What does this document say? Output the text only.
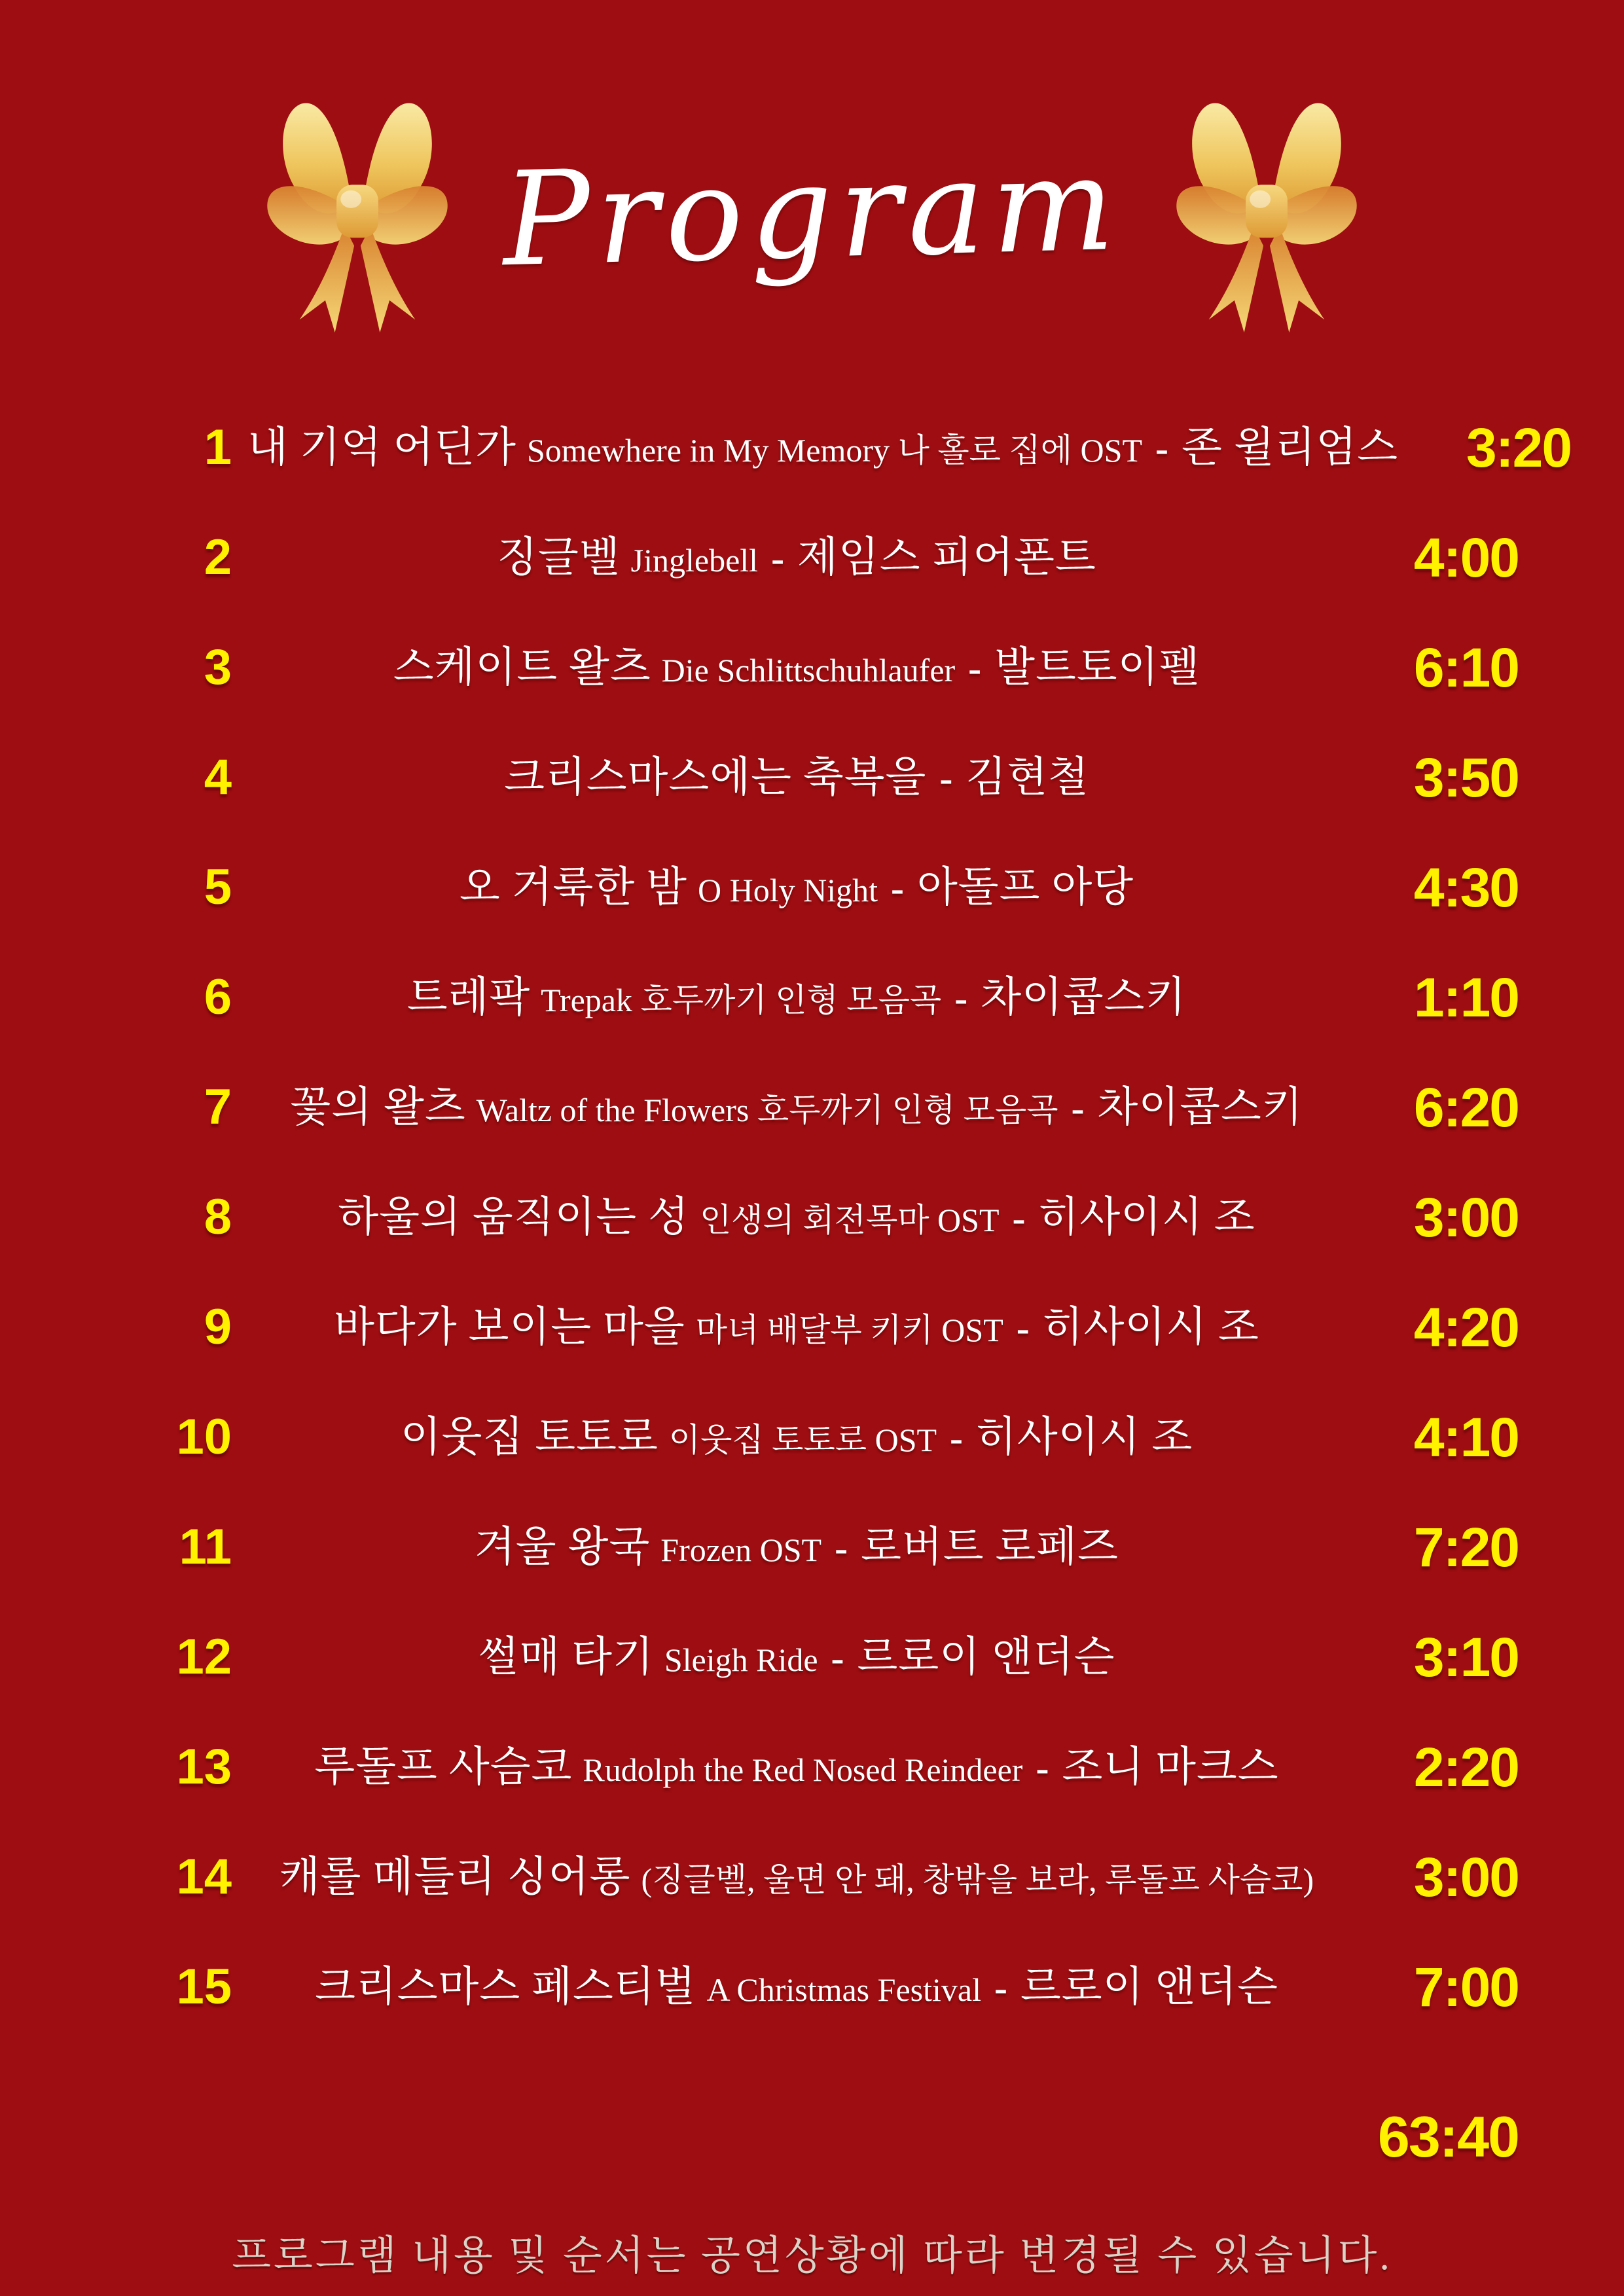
Program
1 내 기억 어딘가 Somewhere in My Memory 나 홀로 집에 OST - 존 윌리엄스	3:20
2	징글벨 Jinglebell - 제임스 피어폰트	4:00
3	스케이트 왈츠 Die Schlittschuhlaufer - 발트토이펠	6:10
4	크리스마스에는 축복을 - 김현철	3:50
5	오 거룩한 밤 O Holy Night - 아돌프 아당	4:30
6	트레팍 Trepak 호두까기 인형 모음곡 - 차이콥스키	1:10
7	꽃의 왈츠 Waltz of the Flowers 호두까기 인형 모음곡 - 차이콥스키	6:20
8	하울의 움직이는 성 인생의 회전목마 OST - 히사이시 조	3:00
9	바다가 보이는 마을 마녀 배달부 키키 OST - 히사이시 조	4:20
10	이웃집 토토로 이웃집 토토로 OST - 히사이시 조	4:10
11	겨울 왕국 Frozen OST - 로버트 로페즈	7:20
12	썰매 타기 Sleigh Ride - 르로이 앤더슨	3:10
13	루돌프 사슴코 Rudolph the Red Nosed Reindeer - 조니 마크스	2:20
14	캐롤 메들리 싱어롱 (징글벨, 울면 안 돼, 창밖을 보라, 루돌프 사슴코)	3:00
15	크리스마스 페스티벌 A Christmas Festival - 르로이 앤더슨	7:00
63:40
프로그램 내용 및 순서는 공연상황에 따라 변경될 수 있습니다.
